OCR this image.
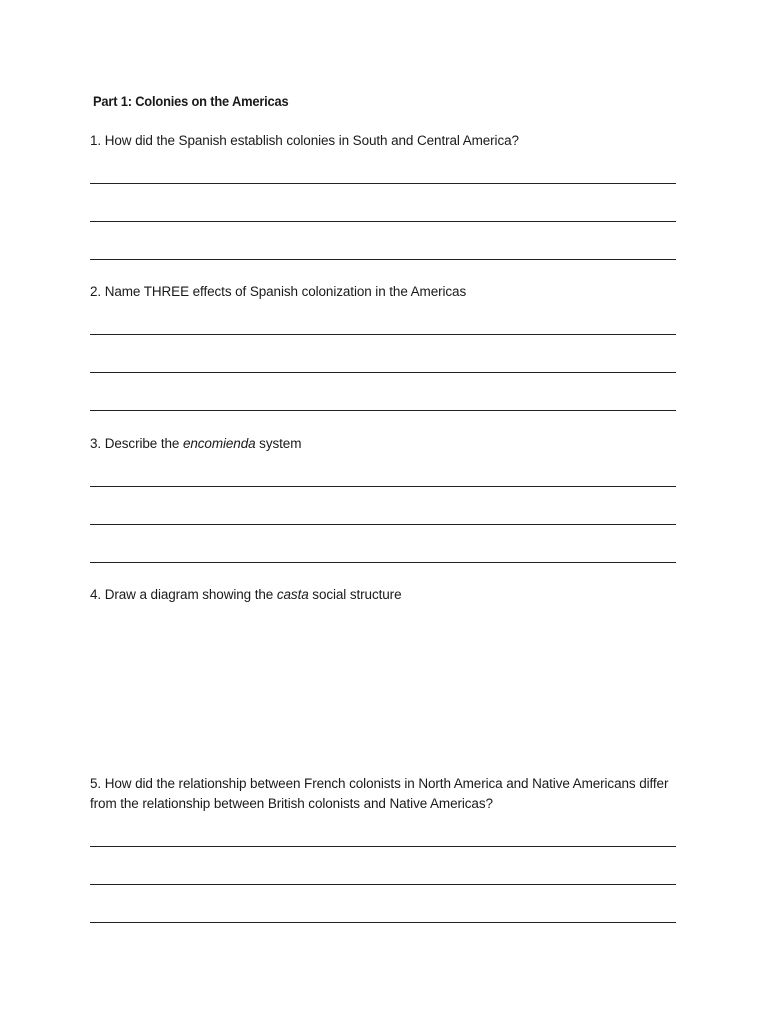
Part 1: Colonies on the Americas
1. How did the Spanish establish colonies in South and Central America?
2. Name THREE effects of Spanish colonization in the Americas
3. Describe the encomienda system
4. Draw a diagram showing the casta social structure
5. How did the relationship between French colonists in North America and Native Americans differ from the relationship between British colonists and Native Americas?
